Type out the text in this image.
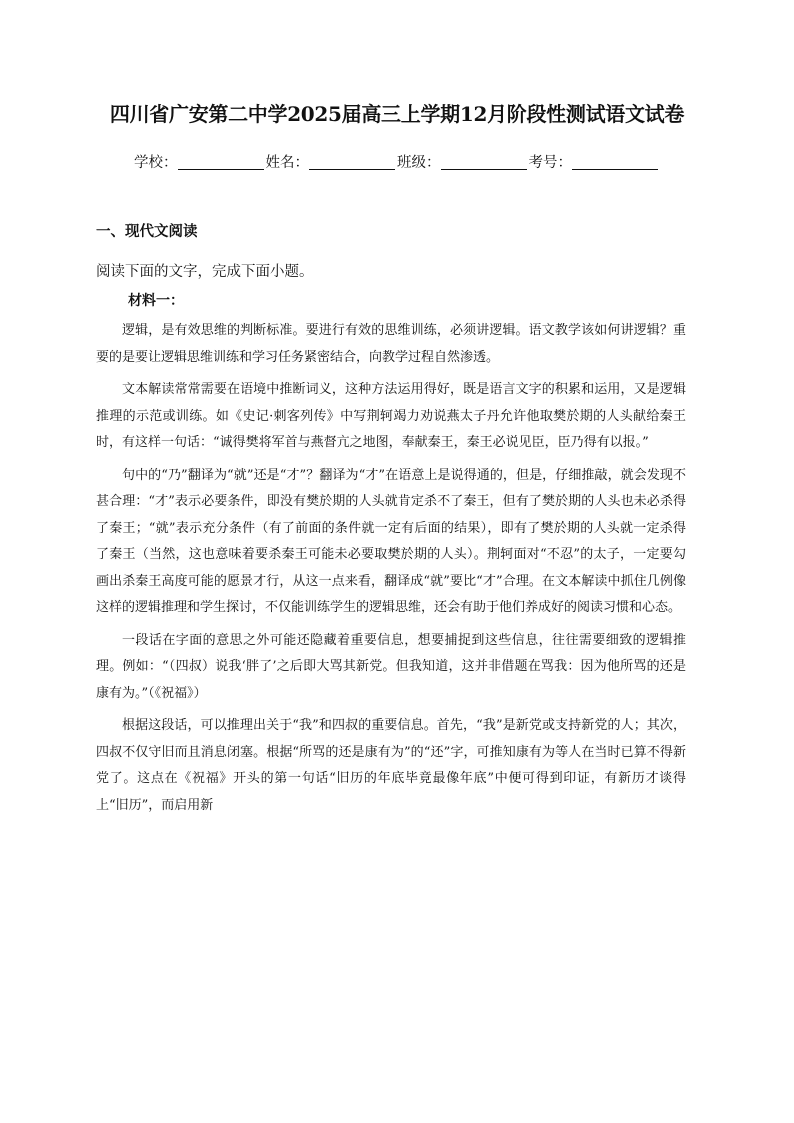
四川省广安第二中学2025届高三上学期12月阶段性测试语文试卷
学校：	姓名：	班级：	考号：
一、现代文阅读
阅读下面的文字，完成下面小题。
材料一：

逻辑，是有效思维的判断标准。要进行有效的思维训练，必须讲逻辑。语文教学该如何讲逻辑？重要的是要让逻辑思维训练和学习任务紧密结合，向教学过程自然渗透。

文本解读常常需要在语境中推断词义，这种方法运用得好，既是语言文字的积累和运用，又是逻辑推理的示范或训练。如《史记·刺客列传》中写荆轲竭力劝说燕太子丹允许他取樊於期的人头献给秦王时，有这样一句话：“诚得樊将军首与燕督亢之地图，奉献秦王，秦王必说见臣，臣乃得有以报。”

句中的“乃”翻译为“就”还是“才”？翻译为“才”在语意上是说得通的，但是，仔细推敲，就会发现不甚合理：“才”表示必要条件，即没有樊於期的人头就肯定杀不了秦王，但有了樊於期的人头也未必杀得了秦王；“就”表示充分条件（有了前面的条件就一定有后面的结果），即有了樊於期的人头就一定杀得了秦王（当然，这也意味着要杀秦王可能未必要取樊於期的人头）。荆轲面对“不忍”的太子，一定要勾画出杀秦王高度可能的愿景才行，从这一点来看，翻译成“就”要比“才”合理。在文本解读中抓住几例像这样的逻辑推理和学生探讨，不仅能训练学生的逻辑思维，还会有助于他们养成好的阅读习惯和心态。

一段话在字面的意思之外可能还隐藏着重要信息，想要捕捉到这些信息，往往需要细致的逻辑推理。例如：“（四叔）说我‘胖了’之后即大骂其新党。但我知道，这并非借题在骂我：因为他所骂的还是康有为。”（《祝福》）

根据这段话，可以推理出关于“我”和四叔的重要信息。首先，“我”是新党或支持新党的人；其次，四叔不仅守旧而且消息闭塞。根据“所骂的还是康有为”的“还”字，可推知康有为等人在当时已算不得新党了。这点在《祝福》开头的第一句话“旧历的年底毕竟最像年底”中便可得到印证，有新历才谈得上“旧历”，而启用新
